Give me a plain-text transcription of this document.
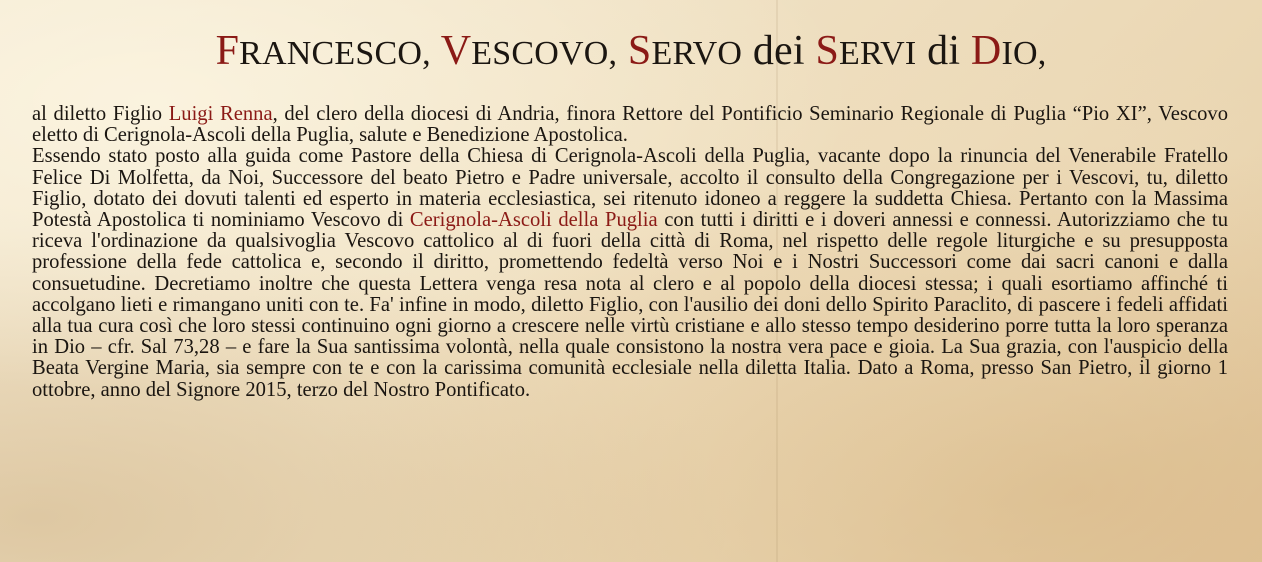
FRANCESCO, VESCOVO, SERVO dei SERVI di DIO,

al diletto Figlio Luigi Renna, del clero della diocesi di Andria, finora Rettore del Pontificio Seminario Regionale di Puglia “Pio XI”, Vescovo eletto di Cerignola-Ascoli della Puglia, salute e Benedizione Apostolica.

Essendo stato posto alla guida come Pastore della Chiesa di Cerignola-Ascoli della Puglia, vacante dopo la rinuncia del Venerabile Fratello Felice Di Molfetta, da Noi, Successore del beato Pietro e Padre universale, accolto il consulto della Congregazione per i Vescovi, tu, diletto Figlio, dotato dei dovuti talenti ed esperto in materia ecclesiastica, sei ritenuto idoneo a reggere la suddetta Chiesa. Pertanto con la Massima Potestà Apostolica ti nominiamo Vescovo di Cerignola-Ascoli della Puglia con tutti i diritti e i doveri annessi e connessi. Autorizziamo che tu riceva l'ordinazione da qualsivoglia Vescovo cattolico al di fuori della città di Roma, nel rispetto delle regole liturgiche e su presupposta professione della fede cattolica e, secondo il diritto, promettendo fedeltà verso Noi e i Nostri Successori come dai sacri canoni e dalla consuetudine. Decretiamo inoltre che questa Lettera venga resa nota al clero e al popolo della diocesi stessa; i quali esortiamo affinché ti accolgano lieti e rimangano uniti con te. Fa' infine in modo, diletto Figlio, con l'ausilio dei doni dello Spirito Paraclito, di pascere i fedeli affidati alla tua cura così che loro stessi continuino ogni giorno a crescere nelle virtù cristiane e allo stesso tempo desiderino porre tutta la loro speranza in Dio – cfr. Sal 73,28 – e fare la Sua santissima volontà, nella quale consistono la nostra vera pace e gioia. La Sua grazia, con l'auspicio della Beata Vergine Maria, sia sempre con te e con la carissima comunità ecclesiale nella diletta Italia. Dato a Roma, presso San Pietro, il giorno 1 ottobre, anno del Signore 2015, terzo del Nostro Pontificato.
